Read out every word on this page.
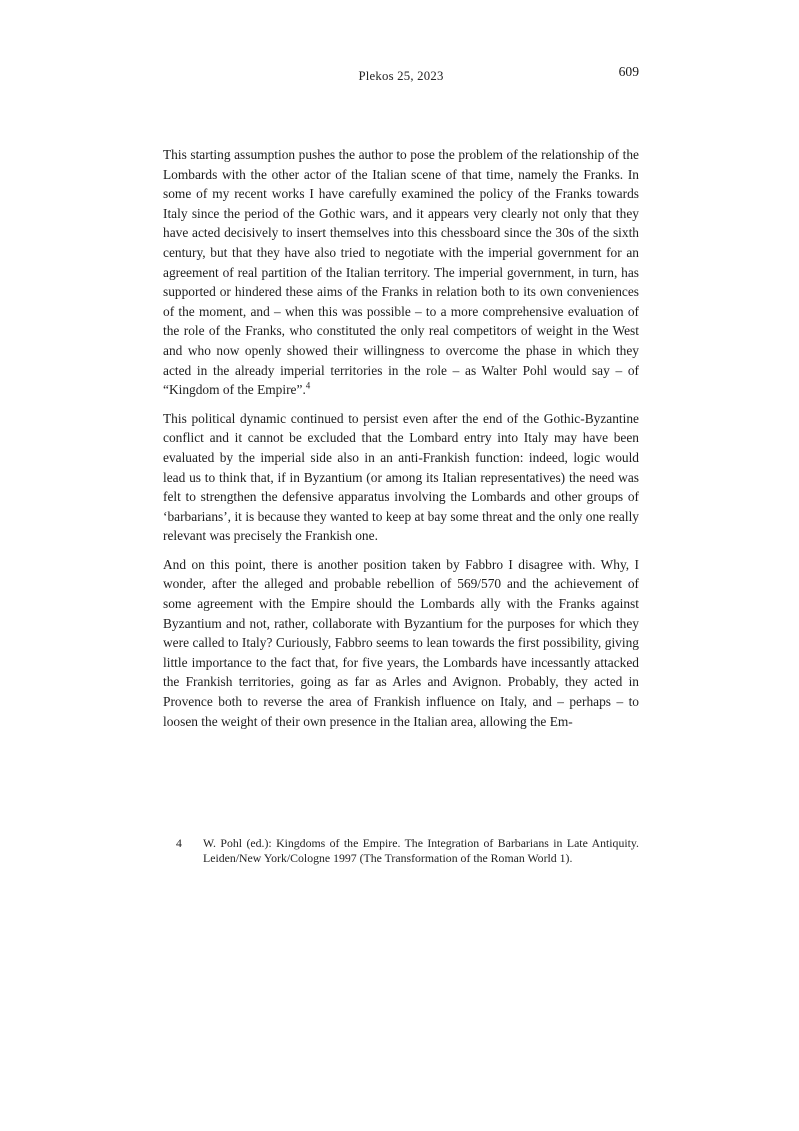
Plekos 25, 2023	609

This starting assumption pushes the author to pose the problem of the relationship of the Lombards with the other actor of the Italian scene of that time, namely the Franks. In some of my recent works I have carefully examined the policy of the Franks towards Italy since the period of the Gothic wars, and it appears very clearly not only that they have acted decisively to insert themselves into this chessboard since the 30s of the sixth century, but that they have also tried to negotiate with the imperial government for an agreement of real partition of the Italian territory. The imperial government, in turn, has supported or hindered these aims of the Franks in relation both to its own conveniences of the moment, and – when this was possible – to a more comprehensive evaluation of the role of the Franks, who constituted the only real competitors of weight in the West and who now openly showed their willingness to overcome the phase in which they acted in the already imperial territories in the role – as Walter Pohl would say – of “Kingdom of the Empire”.$^4$

This political dynamic continued to persist even after the end of the Gothic-Byzantine conflict and it cannot be excluded that the Lombard entry into Italy may have been evaluated by the imperial side also in an anti-Frankish function: indeed, logic would lead us to think that, if in Byzantium (or among its Italian representatives) the need was felt to strengthen the defensive apparatus involving the Lombards and other groups of ‘barbarians’, it is because they wanted to keep at bay some threat and the only one really relevant was precisely the Frankish one.

And on this point, there is another position taken by Fabbro I disagree with. Why, I wonder, after the alleged and probable rebellion of 569/570 and the achievement of some agreement with the Empire should the Lombards ally with the Franks against Byzantium and not, rather, collaborate with Byzantium for the purposes for which they were called to Italy? Curiously, Fabbro seems to lean towards the first possibility, giving little importance to the fact that, for five years, the Lombards have incessantly attacked the Frankish territories, going as far as Arles and Avignon. Probably, they acted in Provence both to reverse the area of Frankish influence on Italy, and – perhaps – to loosen the weight of their own presence in the Italian area, allowing the Em-

4	W. Pohl (ed.): Kingdoms of the Empire. The Integration of Barbarians in Late Antiquity. Leiden/New York/Cologne 1997 (The Transformation of the Roman World 1).
